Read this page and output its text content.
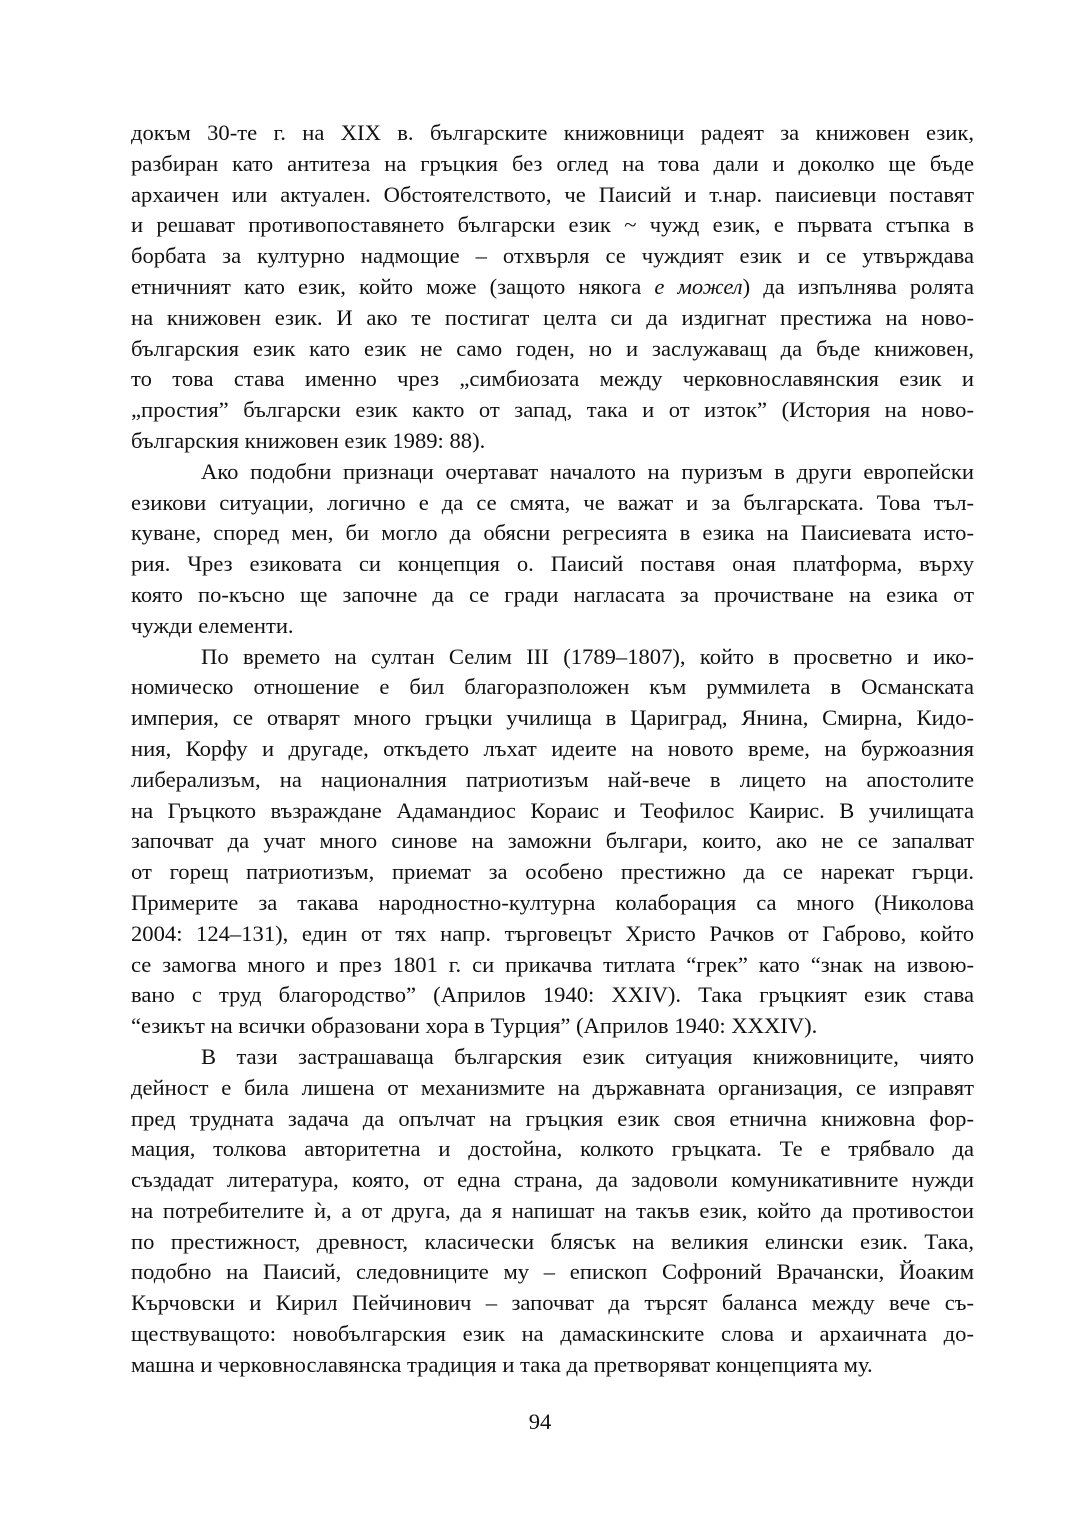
докъм 30-те г. на XIX в. българските книжовници радеят за книжовен език,
разбиран като антитеза на гръцкия без оглед на това дали и доколко ще бъде
архаичен или актуален. Обстоятелството, че Паисий и т.нар. паисиевци поставят
и решават противопоставянето български език ~ чужд език, е първата стъпка в
борбата за културно надмощие – отхвърля се чуждият език и се утвърждава
етничният като език, който може (защото някога е можел) да изпълнява ролята
на книжовен език. И ако те постигат целта си да издигнат престижа на ново-
българския език като език не само годен, но и заслужаващ да бъде книжовен,
то това става именно чрез „симбиозата между черковнославянския език и
„простия” български език както от запад, така и от изток” (История на ново-
българския книжовен език 1989: 88).
Ако подобни признаци очертават началото на пуризъм в други европейски
езикови ситуации, логично е да се смята, че важат и за българската. Това тъл-
куване, според мен, би могло да обясни регресията в езика на Паисиевата исто-
рия. Чрез езиковата си концепция о. Паисий поставя оная платформа, върху
която по-късно ще започне да се гради нагласата за прочистване на езика от
чужди елементи.
По времето на султан Селим III (1789–1807), който в просветно и ико-
номическо отношение е бил благоразположен към руммилета в Османската
империя, се отварят много гръцки училища в Цариград, Янина, Смирна, Кидо-
ния, Корфу и другаде, откъдето лъхат идеите на новото време, на буржоазния
либерализъм, на националния патриотизъм най-вече в лицето на апостолите
на Гръцкото възраждане Адамандиос Кораис и Теофилос Каирис. В училищата
започват да учат много синове на заможни българи, които, ако не се запалват
от горещ патриотизъм, приемат за особено престижно да се нарекат гърци.
Примерите за такава народностно-културна колаборация са много (Николова
2004: 124–131), един от тях напр. търговецът Христо Рачков от Габрово, който
се замогва много и през 1801 г. си прикачва титлата “грек” като “знак на извою-
вано с труд благородство” (Априлов 1940: XXIV). Така гръцкият език става
“езикът на всички образовани хора в Турция” (Априлов 1940: XXXIV).
В тази застрашаваща българския език ситуация книжовниците, чиято
дейност е била лишена от механизмите на държавната организация, се изправят
пред трудната задача да опълчат на гръцкия език своя етнична книжовна фор-
мация, толкова авторитетна и достойна, колкото гръцката. Те е трябвало да
създадат литература, която, от една страна, да задоволи комуникативните нужди
на потребителите ѝ, а от друга, да я напишат на такъв език, който да противостои
по престижност, древност, класически блясък на великия елински език. Така,
подобно на Паисий, следовниците му – епископ Софроний Врачански, Йоаким
Кърчовски и Кирил Пейчинович – започват да търсят баланса между вече съ-
ществуващото: новобългарския език на дамаскинските слова и архаичната до-
машна и черковнославянска традиция и така да претворяват концепцията му.
94
